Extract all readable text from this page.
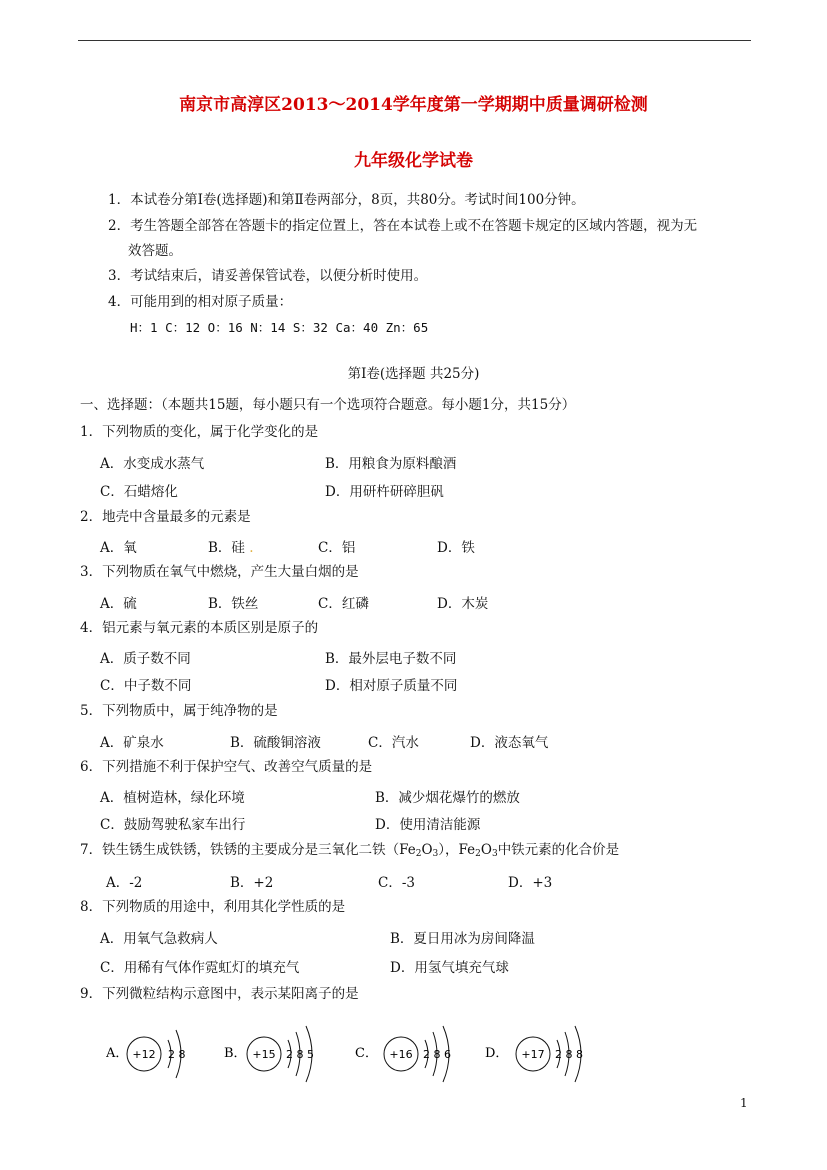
南京市高淳区2013～2014学年度第一学期期中质量调研检测
九年级化学试卷
1．本试卷分第Ⅰ卷(选择题)和第Ⅱ卷两部分，8页，共80分。考试时间100分钟。
2．考生答题全部答在答题卡的指定位置上，答在本试卷上或不在答题卡规定的区域内答题，视为无
效答题。
3．考试结束后，请妥善保管试卷，以便分析时使用。
4．可能用到的相对原子质量：
H：1 C：12 O：16 N：14 S：32 Ca：40 Zn：65
第Ⅰ卷(选择题 共25分)
一、选择题：（本题共15题，每小题只有一个选项符合题意。每小题1分，共15分）
1．下列物质的变化，属于化学变化的是
A．水变成水蒸气	B．用粮食为原料酿酒
C．石蜡熔化	D．用研杵研碎胆矾
2．地壳中含量最多的元素是
A．氧	B．硅 .	C．铝	D．铁
3．下列物质在氧气中燃烧，产生大量白烟的是
A．硫	B．铁丝	C．红磷	D．木炭
4．铝元素与氧元素的本质区别是原子的
A．质子数不同	B．最外层电子数不同
C．中子数不同	D．相对原子质量不同
5．下列物质中，属于纯净物的是
A．矿泉水	B．硫酸铜溶液	C．汽水	D．液态氧气
6．下列措施不利于保护空气、改善空气质量的是
A．植树造林，绿化环境	B．减少烟花爆竹的燃放
C．鼓励驾驶私家车出行	D．使用清洁能源
7．铁生锈生成铁锈，铁锈的主要成分是三氧化二铁$(Fe_2O_3)$，$Fe_2O_3$中铁元素的化合价是
A．-2	B．+2	C．-3	D．+3
8．下列物质的用途中，利用其化学性质的是
A．用氧气急救病人	B．夏日用冰为房间降温
C．用稀有气体作霓虹灯的填充气	D．用氢气填充气球
9．下列微粒结构示意图中，表示某阳离子的是
A． +12 2 8	B． +15 2 8 5	C． +16 2 8 6	D． +17 2 8 8
1
